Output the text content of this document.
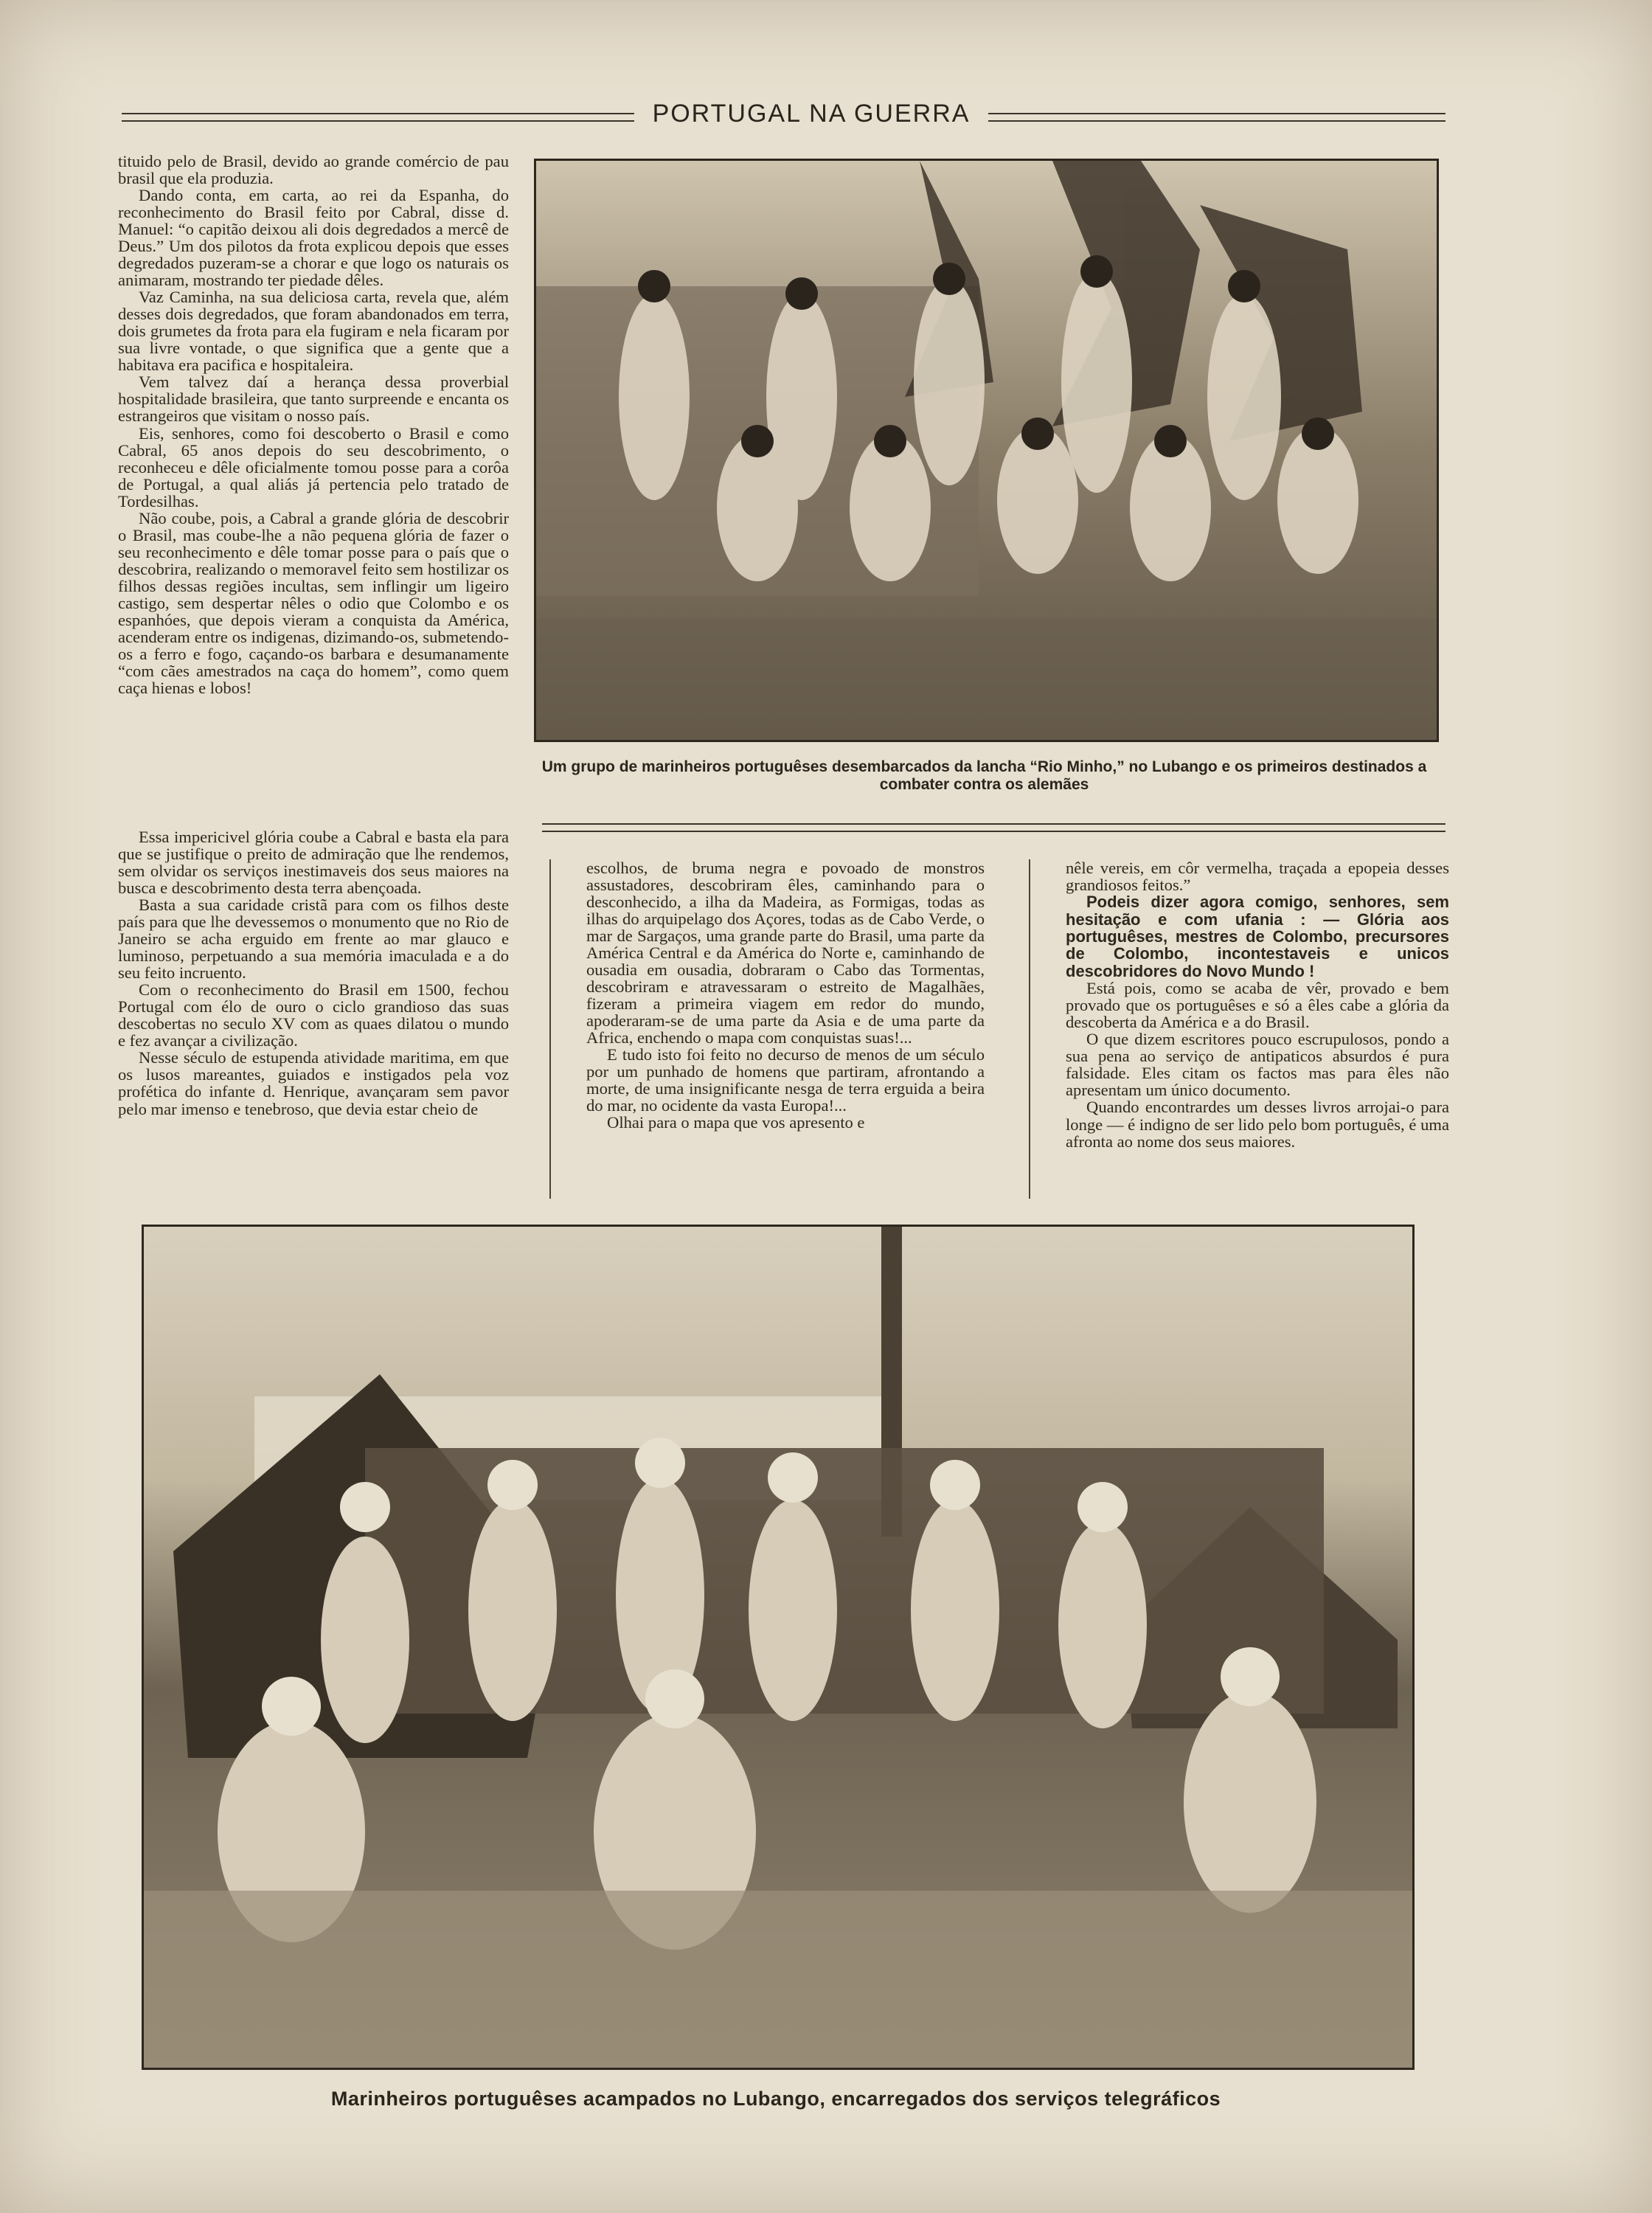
PORTUGAL NA GUERRA

tituido pelo de Brasil, devido ao grande comércio de pau brasil que ela produzia.

Dando conta, em carta, ao rei da Espanha, do reconhecimento do Brasil feito por Cabral, disse d. Manuel: “o capitão deixou ali dois degredados a mercê de Deus.” Um dos pilotos da frota explicou depois que esses degredados puzeram-se a chorar e que logo os naturais os animaram, mostrando ter piedade dêles.

Vaz Caminha, na sua deliciosa carta, revela que, além desses dois degredados, que foram abandonados em terra, dois grumetes da frota para ela fugiram e nela ficaram por sua livre vontade, o que significa que a gente que a habitava era pacifica e hospitaleira.

Vem talvez daí a herança dessa proverbial hospitalidade brasileira, que tanto surpreende e encanta os estrangeiros que visitam o nosso país.

Eis, senhores, como foi descoberto o Brasil e como Cabral, 65 anos depois do seu descobrimento, o reconheceu e dêle oficialmente tomou posse para a corôa de Portugal, a qual aliás já pertencia pelo tratado de Tordesilhas.

Não coube, pois, a Cabral a grande glória de descobrir o Brasil, mas coube-lhe a não pequena glória de fazer o seu reconhecimento e dêle tomar posse para o país que o descobrira, realizando o memoravel feito sem hostilizar os filhos dessas regiões incultas, sem inflingir um ligeiro castigo, sem despertar nêles o odio que Colombo e os espanhóes, que depois vieram a conquista da América, acenderam entre os indigenas, dizimando-os, submetendo-os a ferro e fogo, caçando-os barbara e desumanamente “com cães amestrados na caça do homem”, como quem caça hienas e lobos!

Essa impericivel glória coube a Cabral e basta ela para que se justifique o preito de admiração que lhe rendemos, sem olvidar os serviços inestimaveis dos seus maiores na busca e descobrimento desta terra abençoada.

Basta a sua caridade cristã para com os filhos deste país para que lhe devessemos o monumento que no Rio de Janeiro se acha erguido em frente ao mar glauco e luminoso, perpetuando a sua memória imaculada e a do seu feito incruento.

Com o reconhecimento do Brasil em 1500, fechou Portugal com élo de ouro o ciclo grandioso das suas descobertas no seculo XV com as quaes dilatou o mundo e fez avançar a civilização.

Nesse século de estupenda atividade maritima, em que os lusos mareantes, guiados e instigados pela voz profética do infante d. Henrique, avançaram sem pavor pelo mar imenso e tenebroso, que devia estar cheio de

escolhos, de bruma negra e povoado de monstros assustadores, descobriram êles, caminhando para o desconhecido, a ilha da Madeira, as Formigas, todas as ilhas do arquipelago dos Açores, todas as de Cabo Verde, o mar de Sargaços, uma grande parte do Brasil, uma parte da América Central e da América do Norte e, caminhando de ousadia em ousadia, dobraram o Cabo das Tormentas, descobriram e atravessaram o estreito de Magalhães, fizeram a primeira viagem em redor do mundo, apoderaram-se de uma parte da Asia e de uma parte da Africa, enchendo o mapa com conquistas suas!...

E tudo isto foi feito no decurso de menos de um século por um punhado de homens que partiram, afrontando a morte, de uma insignificante nesga de terra erguida a beira do mar, no ocidente da vasta Europa!...

Olhai para o mapa que vos apresento e

nêle vereis, em côr vermelha, traçada a epopeia desses grandiosos feitos.”

Podeis dizer agora comigo, senhores, sem hesitação e com ufania : — Glória aos portuguêses, mestres de Colombo, precursores de Colombo, incontestaveis e unicos descobridores do Novo Mundo !

Está pois, como se acaba de vêr, provado e bem provado que os portuguêses e só a êles cabe a glória da descoberta da América e a do Brasil.

O que dizem escritores pouco escrupulosos, pondo a sua pena ao serviço de antipaticos absurdos é pura falsidade. Eles citam os factos mas para êles não apresentam um único documento.

Quando encontrardes um desses livros arrojai-o para longe — é indigno de ser lido pelo bom português, é uma afronta ao nome dos seus maiores.

Um grupo de marinheiros portuguêses desembarcados da lancha “Rio Minho,” no Lubango e os primeiros destinados a combater contra os alemães
Marinheiros portuguêses acampados no Lubango, encarregados dos serviços telegráficos
